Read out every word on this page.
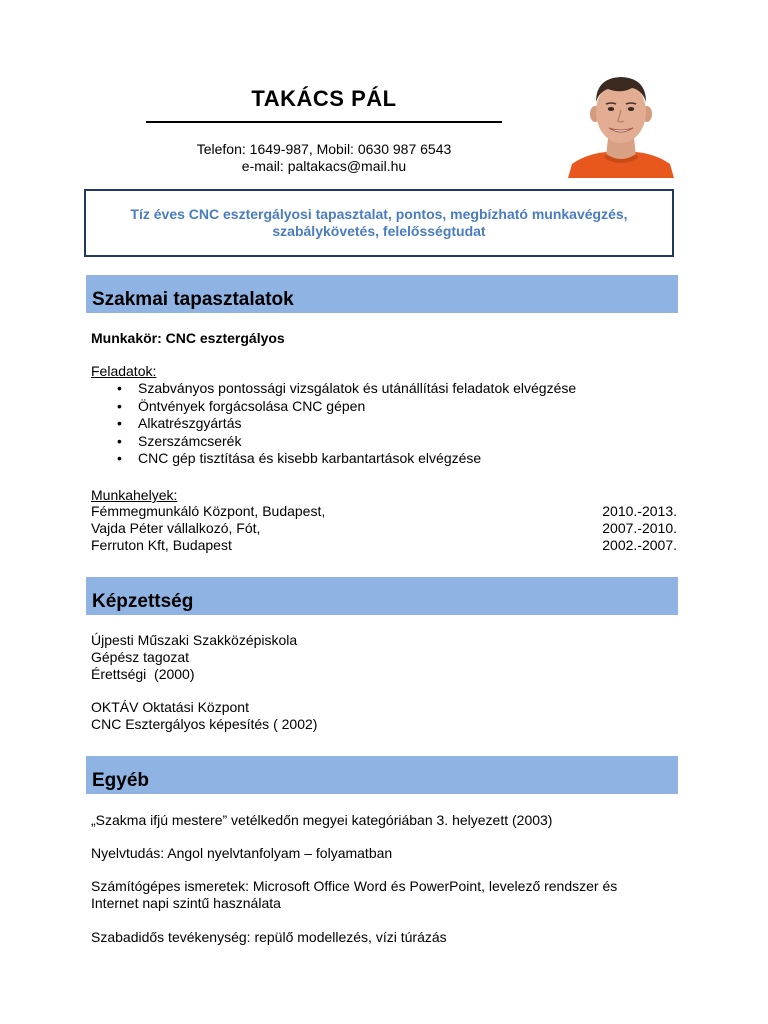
TAKÁCS PÁL
Telefon: 1649-987, Mobil: 0630 987 6543
e-mail: paltakacs@mail.hu
Tíz éves CNC esztergályosi tapasztalat, pontos, megbízható munkavégzés, szabálykövetés, felelősségtudat
Szakmai tapasztalatok
Munkakör: CNC esztergályos
Feladatok:
• Szabványos pontossági vizsgálatok és utánállítási feladatok elvégzése
• Öntvények forgácsolása CNC gépen
• Alkatrészgyártás
• Szerszámcserék
• CNC gép tisztítása és kisebb karbantartások elvégzése
Munkahelyek:
Fémmegmunkáló Központ, Budapest,	2010.-2013.
Vajda Péter vállalkozó, Fót,	2007.-2010.
Ferruton Kft, Budapest	2002.-2007.
Képzettség
Újpesti Műszaki Szakközépiskola
Gépész tagozat
Érettségi  (2000)
OKTÁV Oktatási Központ
CNC Esztergályos képesítés ( 2002)
Egyéb
„Szakma ifjú mestere” vetélkedőn megyei kategóriában 3. helyezett (2003)
Nyelvtudás: Angol nyelvtanfolyam – folyamatban
Számítógépes ismeretek: Microsoft Office Word és PowerPoint, levelező rendszer és
Internet napi szintű használata
Szabadidős tevékenység: repülő modellezés, vízi túrázás
